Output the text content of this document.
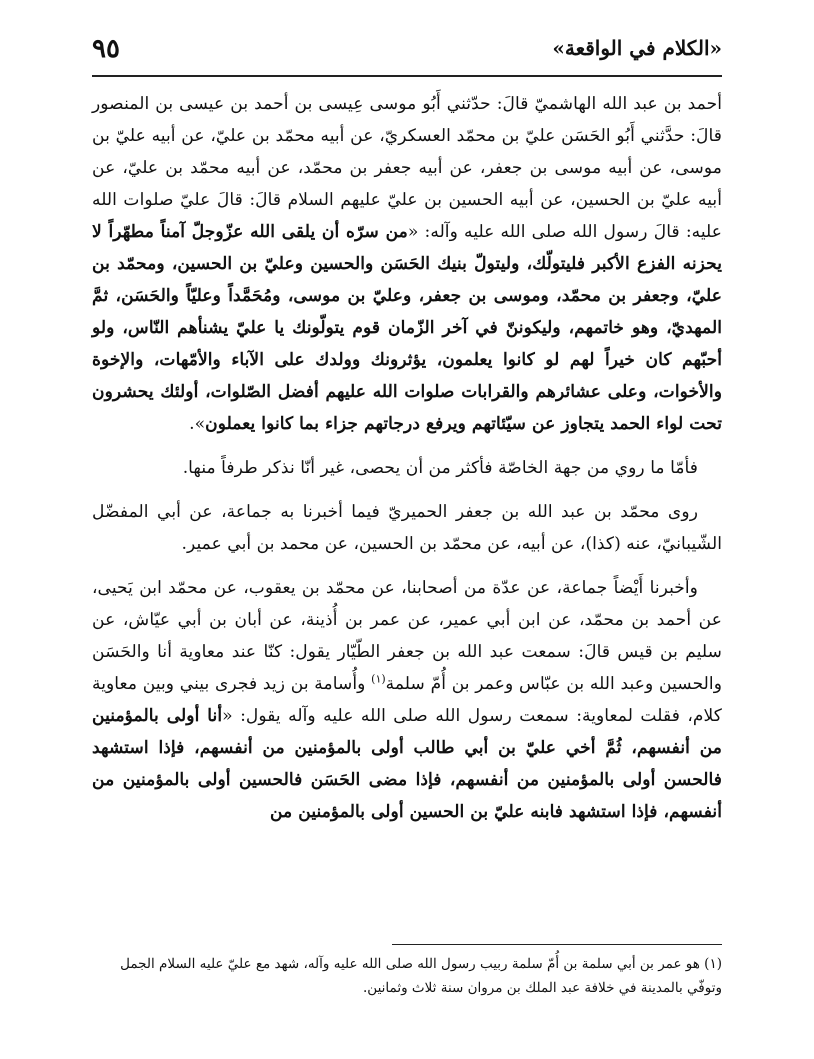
«الكلام في الواقعة»
٩٥

أحمد بن عبد الله الهاشميّ قالَ: حدّثني أَبُو موسى عِيسى بن أحمد بن عيسى بن المنصور قالَ: حدَّثني أَبُو الحَسَن عليّ بن محمّد العسكريّ، عن أبيه محمّد بن عليّ، عن أبيه عليّ بن موسى، عن أبيه موسى بن جعفر، عن أبيه جعفر بن محمّد، عن أبيه محمّد بن عليّ، عن أبيه عليّ بن الحسين، عن أبيه الحسين بن عليّ عليهم السلام قالَ: قالَ عليّ صلوات الله عليه: قالَ رسول الله صلى الله عليه وآله: «من سرّه أن يلقى الله عزّوجلّ آمناً مطهّراً لا يحزنه الفزع الأكبر فليتولّك، وليتولّ بنيك الحَسَن والحسين وعليّ بن الحسين، ومحمّد بن عليّ، وجعفر بن محمّد، وموسى بن جعفر، وعليّ بن موسى، ومُحَمَّداً وعليّاً والحَسَن، ثمَّ المهديّ، وهو خاتمهم، وليكوننّ في آخر الزّمان قوم يتولّونك يا عليّ يشنأهم النّاس، ولو أحبّهم كان خيراً لهم لو كانوا يعلمون، يؤثرونك وولدك على الآباء والأمّهات، والإخوة والأخوات، وعلى عشائرهم والقرابات صلوات الله عليهم أفضل الصّلوات، أولئك يحشرون تحت لواء الحمد يتجاوز عن سيّئاتهم ويرفع درجاتهم جزاء بما كانوا يعملون».

فأمّا ما روي من جهة الخاصّة فأكثر من أن يحصى، غير أنّا نذكر طرفاً منها.

روى محمّد بن عبد الله بن جعفر الحميريّ فيما أخبرنا به جماعة، عن أبي المفضّل الشّيبانيّ، عنه (كذا)، عن أبيه، عن محمّد بن الحسين، عن محمد بن أبي عمير.

وأخبرنا أَيْضاً جماعة، عن عدّة من أصحابنا، عن محمّد بن يعقوب، عن محمّد ابن يَحيى، عن أحمد بن محمّد، عن ابن أبي عمير، عن عمر بن أُذينة، عن أبان بن أبي عيّاش، عن سليم بن قيس قالَ: سمعت عبد الله بن جعفر الطّيّار يقول: كنّا عند معاوية أنا والحَسَن والحسين وعبد الله بن عبّاس وعمر بن أُمّ سلمة$^{(١)}$ وأُسامة بن زيد فجرى بيني وبين معاوية كلام، فقلت لمعاوية: سمعت رسول الله صلى الله عليه وآله يقول: «أنا أولى بالمؤمنين من أنفسهم، ثُمَّ أخي عليّ بن أبي طالب أولى بالمؤمنين من أنفسهم، فإذا استشهد فالحسن أولى بالمؤمنين من أنفسهم، فإذا مضى الحَسَن فالحسين أولى بالمؤمنين من أنفسهم، فإذا استشهد فابنه عليّ بن الحسين أولى بالمؤمنين من

(١) هو عمر بن أبي سلمة بن أُمّ سلمة ربيب رسول الله صلى الله عليه وآله، شهد مع عليّ عليه السلام الجمل وتوفّي بالمدينة في خلافة عبد الملك بن مروان سنة ثلاث وثمانين.
